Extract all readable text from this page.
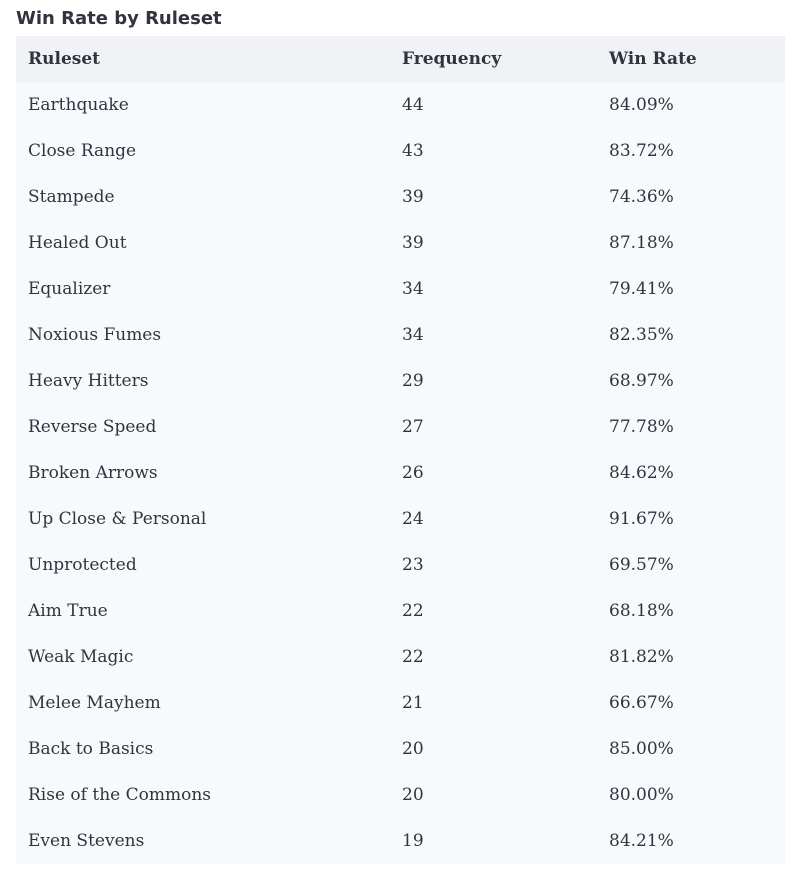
Win Rate by Ruleset
Ruleset	Frequency	Win Rate
Earthquake	44	84.09%
Close Range	43	83.72%
Stampede	39	74.36%
Healed Out	39	87.18%
Equalizer	34	79.41%
Noxious Fumes	34	82.35%
Heavy Hitters	29	68.97%
Reverse Speed	27	77.78%
Broken Arrows	26	84.62%
Up Close & Personal	24	91.67%
Unprotected	23	69.57%
Aim True	22	68.18%
Weak Magic	22	81.82%
Melee Mayhem	21	66.67%
Back to Basics	20	85.00%
Rise of the Commons	20	80.00%
Even Stevens	19	84.21%
